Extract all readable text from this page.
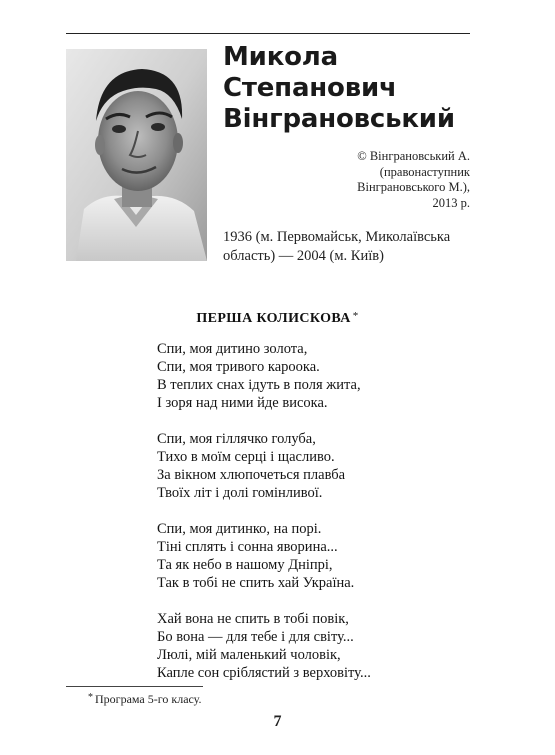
Микола
Степанович
Вінграновський
© Вінграновський А.
(правонаступник
Вінграновського М.),
2013 р.
1936 (м. Первомайськ, Миколаївська
область) — 2004 (м. Київ)
ПЕРША КОЛИСКОВА *
Спи, моя дитино золота,
Спи, моя тривого карooка.
В теплих снах ідуть в поля жита,
І зоря над ними йде висока.
Спи, моя гіллячко голуба,
Тихо в моїм серці і щасливо.
За вікном хлюпочеться плавба
Твоїх літ і долі гомінливої.
Спи, моя дитинко, на порі.
Тіні сплять і сонна яворина...
Та як небо в нашому Дніпрі,
Так в тобі не спить хай Україна.
Хай вона не спить в тобі повік,
Бо вона — для тебе і для світу...
Люлі, мій маленький чоловік,
Капле сон сріблястий з верховіту...
* Програма 5-го класу.
7
